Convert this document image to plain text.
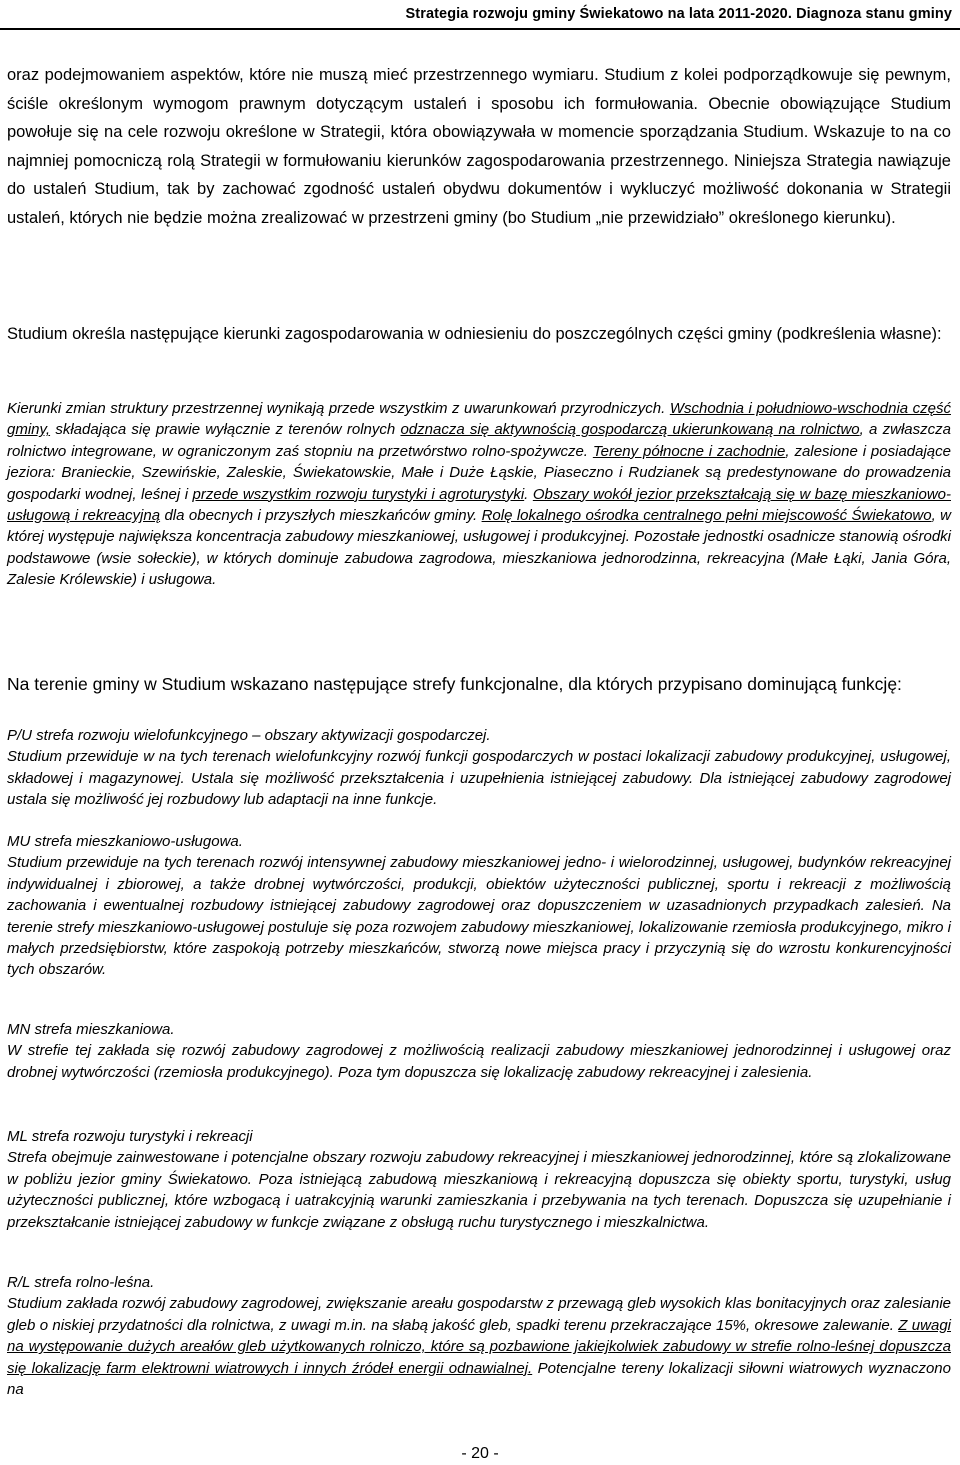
Strategia rozwoju gminy Świekatowo na lata 2011-2020. Diagnoza stanu gminy

oraz podejmowaniem aspektów, które nie muszą mieć przestrzennego wymiaru. Studium z kolei podporządkowuje się pewnym, ściśle określonym wymogom prawnym dotyczącym ustaleń i sposobu ich formułowania. Obecnie obowiązujące Studium powołuje się na cele rozwoju określone w Strategii, która obowiązywała w momencie sporządzania Studium. Wskazuje to na co najmniej pomocniczą rolą Strategii w formułowaniu kierunków zagospodarowania przestrzennego. Niniejsza Strategia nawiązuje do ustaleń Studium, tak by zachować zgodność ustaleń obydwu dokumentów i wykluczyć możliwość dokonania w Strategii ustaleń, których nie będzie można zrealizować w przestrzeni gminy (bo Studium „nie przewidziało” określonego kierunku).

Studium określa następujące kierunki zagospodarowania w odniesieniu do poszczególnych części gminy (podkreślenia własne):

Kierunki zmian struktury przestrzennej wynikają przede wszystkim z uwarunkowań przyrodniczych. Wschodnia i południowo-wschodnia część gminy, składająca się prawie wyłącznie z terenów rolnych odznacza się aktywnością gospodarczą ukierunkowaną na rolnictwo, a zwłaszcza rolnictwo integrowane, w ograniczonym zaś stopniu na przetwórstwo rolno-spożywcze. Tereny północne i zachodnie, zalesione i posiadające jeziora: Branieckie, Szewińskie, Zaleskie, Świekatowskie, Małe i Duże Łąskie, Piaseczno i Rudzianek są predestynowane do prowadzenia gospodarki wodnej, leśnej i przede wszystkim rozwoju turystyki i agroturystyki. Obszary wokół jezior przekształcają się w bazę mieszkaniowo-usługową i rekreacyjną dla obecnych i przyszłych mieszkańców gminy. Rolę lokalnego ośrodka centralnego pełni miejscowość Świekatowo, w której występuje największa koncentracja zabudowy mieszkaniowej, usługowej i produkcyjnej. Pozostałe jednostki osadnicze stanowią ośrodki podstawowe (wsie sołeckie), w których dominuje zabudowa zagrodowa, mieszkaniowa jednorodzinna, rekreacyjna (Małe Łąki, Jania Góra, Zalesie Królewskie) i usługowa.

Na terenie gminy w Studium wskazano następujące strefy funkcjonalne, dla których przypisano dominującą funkcję:

P/U strefa rozwoju wielofunkcyjnego – obszary aktywizacji gospodarczej.
Studium przewiduje w na tych terenach wielofunkcyjny rozwój funkcji gospodarczych w postaci lokalizacji zabudowy produkcyjnej, usługowej, składowej i magazynowej. Ustala się możliwość przekształcenia i uzupełnienia istniejącej zabudowy. Dla istniejącej zabudowy zagrodowej ustala się możliwość jej rozbudowy lub adaptacji na inne funkcje.

MU strefa mieszkaniowo-usługowa.
Studium przewiduje na tych terenach rozwój intensywnej zabudowy mieszkaniowej jedno- i wielorodzinnej, usługowej, budynków rekreacyjnej indywidualnej i zbiorowej, a także drobnej wytwórczości, produkcji, obiektów użyteczności publicznej, sportu i rekreacji z możliwością zachowania i ewentualnej rozbudowy istniejącej zabudowy zagrodowej oraz dopuszczeniem w uzasadnionych przypadkach zalesień. Na terenie strefy mieszkaniowo-usługowej postuluje się poza rozwojem zabudowy mieszkaniowej, lokalizowanie rzemiosła produkcyjnego, mikro i małych przedsiębiorstw, które zaspokoją potrzeby mieszkańców, stworzą nowe miejsca pracy i przyczynią się do wzrostu konkurencyjności tych obszarów.

MN strefa mieszkaniowa.
W strefie tej zakłada się rozwój zabudowy zagrodowej z możliwością realizacji zabudowy mieszkaniowej jednorodzinnej i usługowej oraz drobnej wytwórczości (rzemiosła produkcyjnego). Poza tym dopuszcza się lokalizację zabudowy rekreacyjnej i zalesienia.

ML strefa rozwoju turystyki i rekreacji
Strefa obejmuje zainwestowane i potencjalne obszary rozwoju zabudowy rekreacyjnej i mieszkaniowej jednorodzinnej, które są zlokalizowane w pobliżu jezior gminy Świekatowo. Poza istniejącą zabudową mieszkaniową i rekreacyjną dopuszcza się obiekty sportu, turystyki, usług użyteczności publicznej, które wzbogacą i uatrakcyjnią warunki zamieszkania i przebywania na tych terenach. Dopuszcza się uzupełnianie i przekształcanie istniejącej zabudowy w funkcje związane z obsługą ruchu turystycznego i mieszkalnictwa.

R/L strefa rolno-leśna.
Studium zakłada rozwój zabudowy zagrodowej, zwiększanie areału gospodarstw z przewagą gleb wysokich klas bonitacyjnych oraz zalesianie gleb o niskiej przydatności dla rolnictwa, z uwagi m.in. na słabą jakość gleb, spadki terenu przekraczające 15%, okresowe zalewanie. Z uwagi na występowanie dużych areałów gleb użytkowanych rolniczo, które są pozbawione jakiejkolwiek zabudowy w strefie rolno-leśnej dopuszcza się lokalizację farm elektrowni wiatrowych i innych źródeł energii odnawialnej. Potencjalne tereny lokalizacji siłowni wiatrowych wyznaczono na

- 20 -
